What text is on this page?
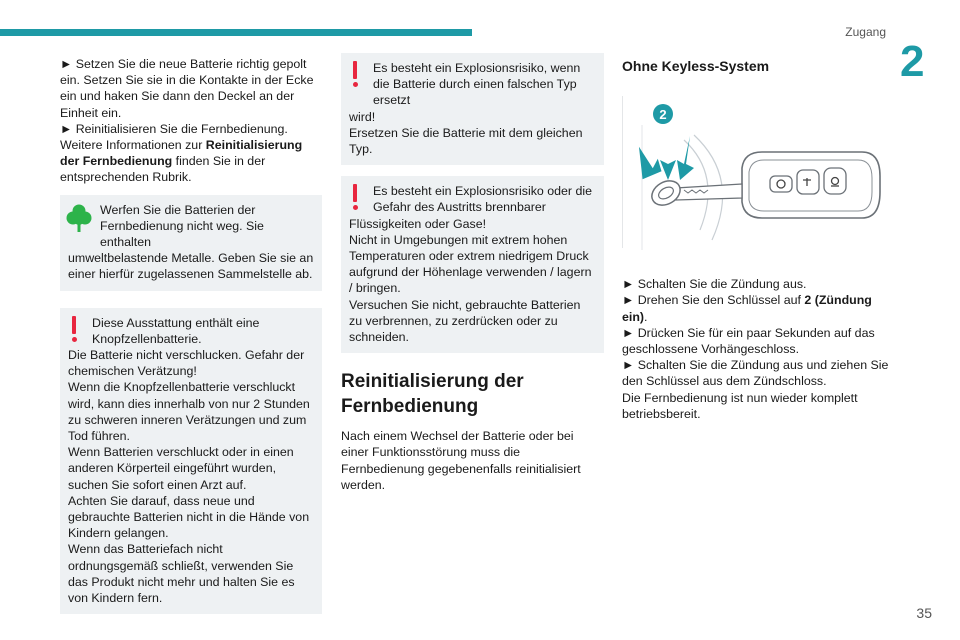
Zugang
2

► Setzen Sie die neue Batterie richtig gepolt ein. Setzen Sie sie in die Kontakte in der Ecke ein und haken Sie dann den Deckel an der Einheit ein.

► Reinitialisieren Sie die Fernbedienung.

Weitere Informationen zur Reinitialisierung der Fernbedienung finden Sie in der entsprechenden Rubrik.

Werfen Sie die Batterien der Fernbedienung nicht weg. Sie enthalten

umweltbelastende Metalle. Geben Sie sie an einer hierfür zugelassenen Sammelstelle ab.

Diese Ausstattung enthält eine Knopfzellenbatterie.

Die Batterie nicht verschlucken. Gefahr der chemischen Verätzung!

Wenn die Knopfzellenbatterie verschluckt wird, kann dies innerhalb von nur 2 Stunden zu schweren inneren Verätzungen und zum Tod führen.

Wenn Batterien verschluckt oder in einen anderen Körperteil eingeführt wurden, suchen Sie sofort einen Arzt auf.

Achten Sie darauf, dass neue und gebrauchte Batterien nicht in die Hände von Kindern gelangen.

Wenn das Batteriefach nicht ordnungsgemäß schließt, verwenden Sie das Produkt nicht mehr und halten Sie es von Kindern fern.

Es besteht ein Explosionsrisiko, wenn die Batterie durch einen falschen Typ ersetzt

wird!

Ersetzen Sie die Batterie mit dem gleichen Typ.

Es besteht ein Explosionsrisiko oder die Gefahr des Austritts brennbarer

Flüssigkeiten oder Gase!

Nicht in Umgebungen mit extrem hohen Temperaturen oder extrem niedrigem Druck aufgrund der Höhenlage verwenden / lagern / bringen.

Versuchen Sie nicht, gebrauchte Batterien zu verbrennen, zu zerdrücken oder zu schneiden.

Reinitialisierung der Fernbedienung

Nach einem Wechsel der Batterie oder bei einer Funktionsstörung muss die Fernbedienung gegebenenfalls reinitialisiert werden.

Ohne Keyless-System
2

► Schalten Sie die Zündung aus.

► Drehen Sie den Schlüssel auf 2 (Zündung ein).

► Drücken Sie für ein paar Sekunden auf das geschlossene Vorhängeschloss.

► Schalten Sie die Zündung aus und ziehen Sie den Schlüssel aus dem Zündschloss.

Die Fernbedienung ist nun wieder komplett betriebsbereit.

35
